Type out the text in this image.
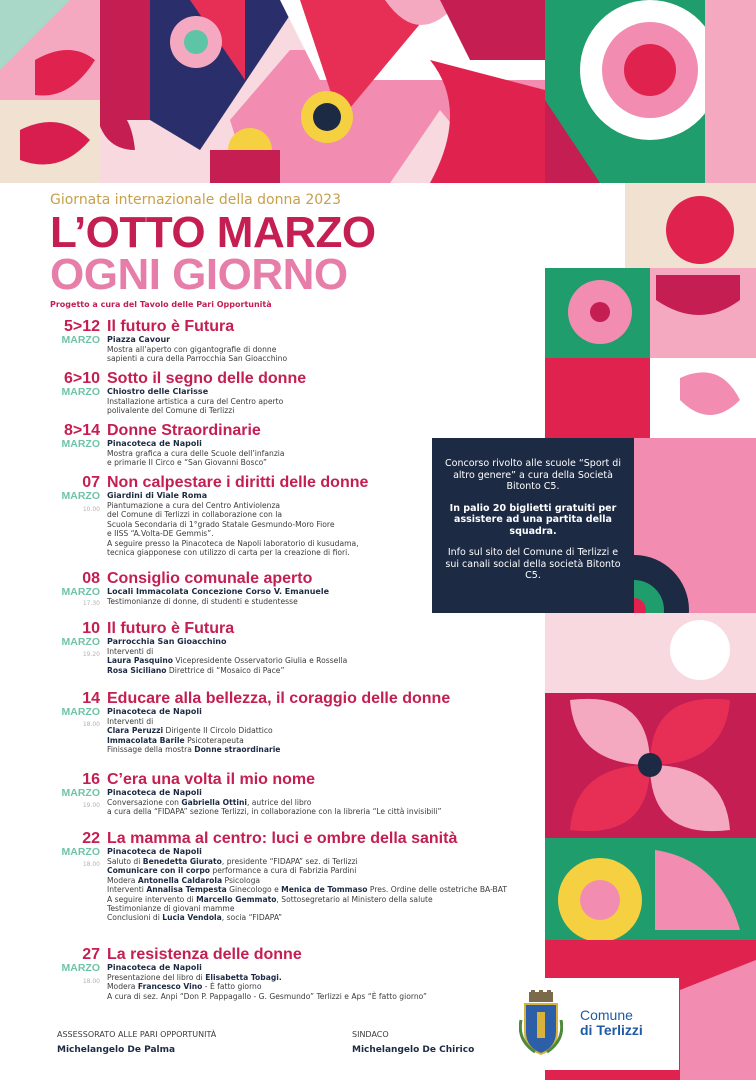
Giornata internazionale della donna 2023
L’OTTO MARZO
OGNI GIORNO
Progetto a cura del Tavolo delle Pari Opportunità
5>12
MARZO
Il futuro è Futura
Piazza Cavour
Mostra all’aperto con gigantografie di donne
sapienti a cura della Parrocchia San Gioacchino
6>10
MARZO
Sotto il segno delle donne
Chiostro delle Clarisse
Installazione artistica a cura del Centro aperto
polivalente del Comune di Terlizzi
8>14
MARZO
Donne Straordinarie
Pinacoteca de Napoli
Mostra grafica a cura delle Scuole dell’infanzia
e primarie II Circo e “San Giovanni Bosco”
07
MARZO
10.00
Non calpestare i diritti delle donne
Giardini di Viale Roma
Piantumazione a cura del Centro Antiviolenza
del Comune di Terlizzi in collaborazione con la
Scuola Secondaria di 1°grado Statale Gesmundo-Moro Fiore
e IISS “A.Volta-DE Gemmis”.
A seguire presso la Pinacoteca de Napoli laboratorio di kusudama,
tecnica giapponese con utilizzo di carta per la creazione di fiori.
08
MARZO
17.30
Consiglio comunale aperto
Locali Immacolata Concezione Corso V. Emanuele
Testimonianze di donne, di studenti e studentesse
10
MARZO
19.20
Il futuro è Futura
Parrocchia San Gioacchino
Interventi di
Laura Pasquino Vicepresidente Osservatorio Giulia e Rossella
Rosa Siciliano Direttrice di “Mosaico di Pace”
14
MARZO
18.00
Educare alla bellezza, il coraggio delle donne
Pinacoteca de Napoli
Interventi di
Clara Peruzzi Dirigente II Circolo Didattico
Immacolata Barile Psicoterapeuta
Finissage della mostra Donne straordinarie
16
MARZO
19.00
C’era una volta il mio nome
Pinacoteca de Napoli
Conversazione con Gabriella Ottini, autrice del libro
a cura della “FIDAPA” sezione Terlizzi, in collaborazione con la libreria “Le città invisibili”
22
MARZO
18.00
La mamma al centro: luci e ombre della sanità
Pinacoteca de Napoli
Saluto di Benedetta Giurato, presidente “FIDAPA” sez. di Terlizzi
Comunicare con il corpo performance a cura di Fabrizia Pardini
Modera Antonella Caldarola Psicologa
Interventi Annalisa Tempesta Ginecologo e Menica de Tommaso Pres. Ordine delle ostetriche BA-BAT
A seguire intervento di Marcello Gemmato, Sottosegretario al Ministero della salute
Testimonianze di giovani mamme
Conclusioni di Lucia Vendola, socia “FIDAPA”
27
MARZO
18.00
La resistenza delle donne
Pinacoteca de Napoli
Presentazione del libro di Elisabetta Tobagi.
Modera Francesco Vino - È fatto giorno
A cura di sez. Anpi “Don P. Pappagallo - G. Gesmundo” Terlizzi e Aps “È fatto giorno”

Concorso rivolto alle scuole “Sport di altro genere” a cura della Società Bitonto C5.

In palio 20 biglietti gratuiti per assistere ad una partita della squadra.

Info sul sito del Comune di Terlizzi e sui canali social della società Bitonto C5.

ASSESSORATO ALLE PARI OPPORTUNITÀ
Michelangelo De Palma
SINDACO
Michelangelo De Chirico
Comune
di Terlizzi
